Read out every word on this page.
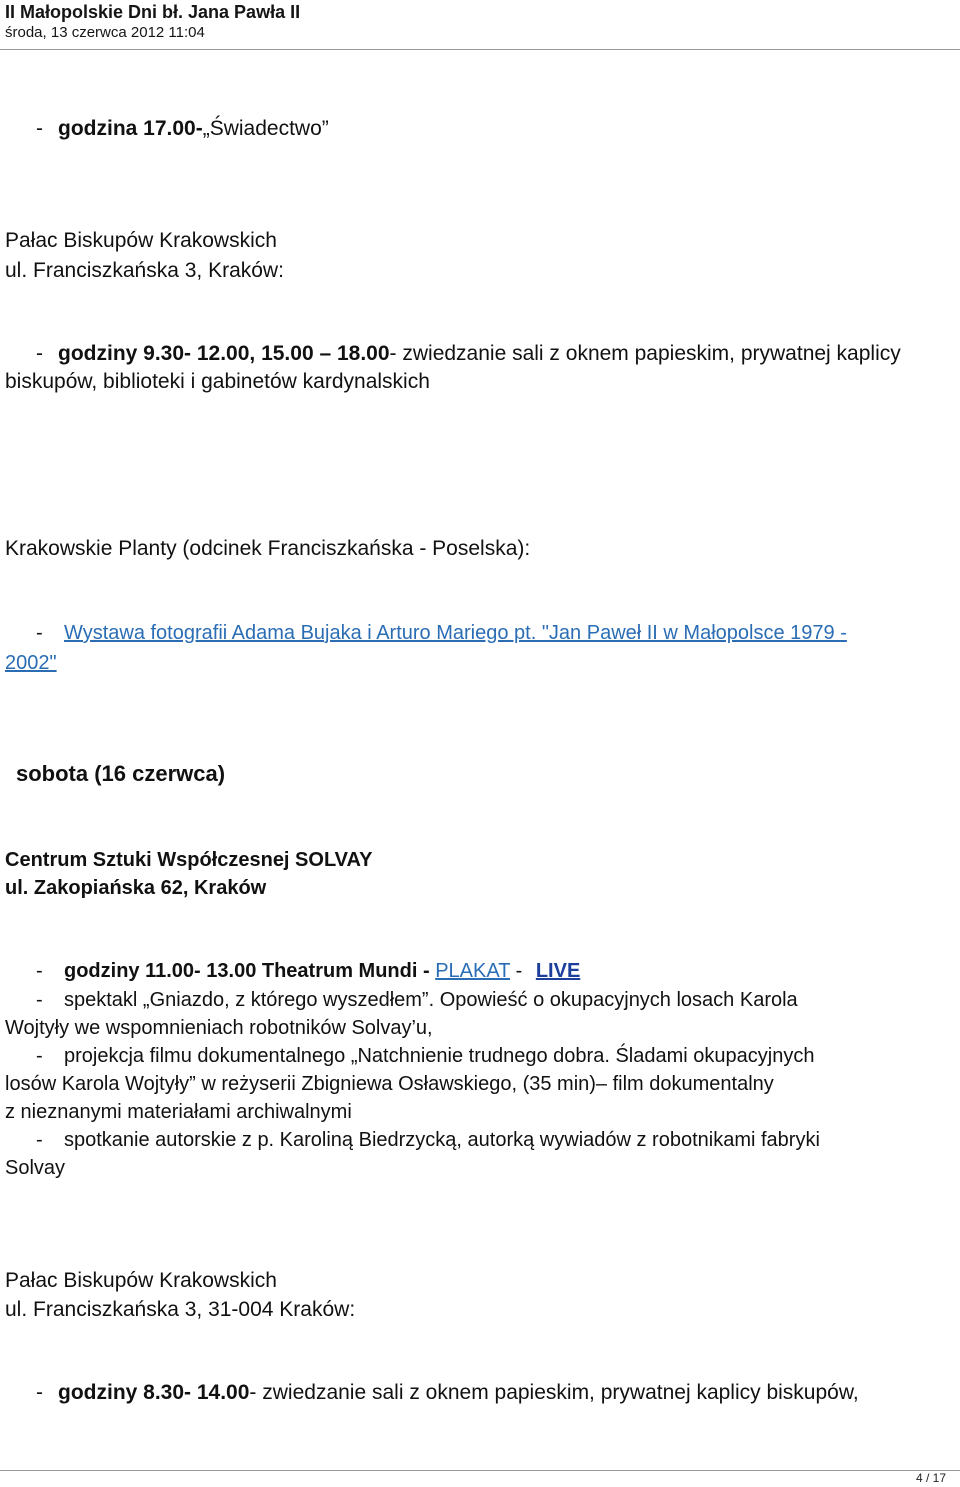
II Małopolskie Dni bł. Jana Pawła II
środa, 13 czerwca 2012 11:04
- godzina 17.00-„Świadectwo”
Pałac Biskupów Krakowskich
ul. Franciszkańska 3, Kraków:
- godziny 9.30- 12.00, 15.00 – 18.00- zwiedzanie sali z oknem papieskim, prywatnej kaplicy
biskupów, biblioteki i gabinetów kardynalskich
Krakowskie Planty (odcinek Franciszkańska - Poselska):
- Wystawa fotografii Adama Bujaka i Arturo Mariego pt. "Jan Paweł II w Małopolsce 1979 -
2002"
sobota (16 czerwca)
Centrum Sztuki Współczesnej SOLVAY
ul. Zakopiańska 62, Kraków
- godziny 11.00- 13.00 Theatrum Mundi - PLAKAT - LIVE
- spektakl „Gniazdo, z którego wyszedłem”. Opowieść o okupacyjnych losach Karola
Wojtyły we wspomnieniach robotników Solvay’u,
- projekcja filmu dokumentalnego „Natchnienie trudnego dobra. Śladami okupacyjnych
losów Karola Wojtyły” w reżyserii Zbigniewa Osławskiego, (35 min)– film dokumentalny
z nieznanymi materiałami archiwalnymi
- spotkanie autorskie z p. Karoliną Biedrzycką, autorką wywiadów z robotnikami fabryki
Solvay
Pałac Biskupów Krakowskich
ul. Franciszkańska 3, 31-004 Kraków:
- godziny 8.30- 14.00- zwiedzanie sali z oknem papieskim, prywatnej kaplicy biskupów,
4 / 17
